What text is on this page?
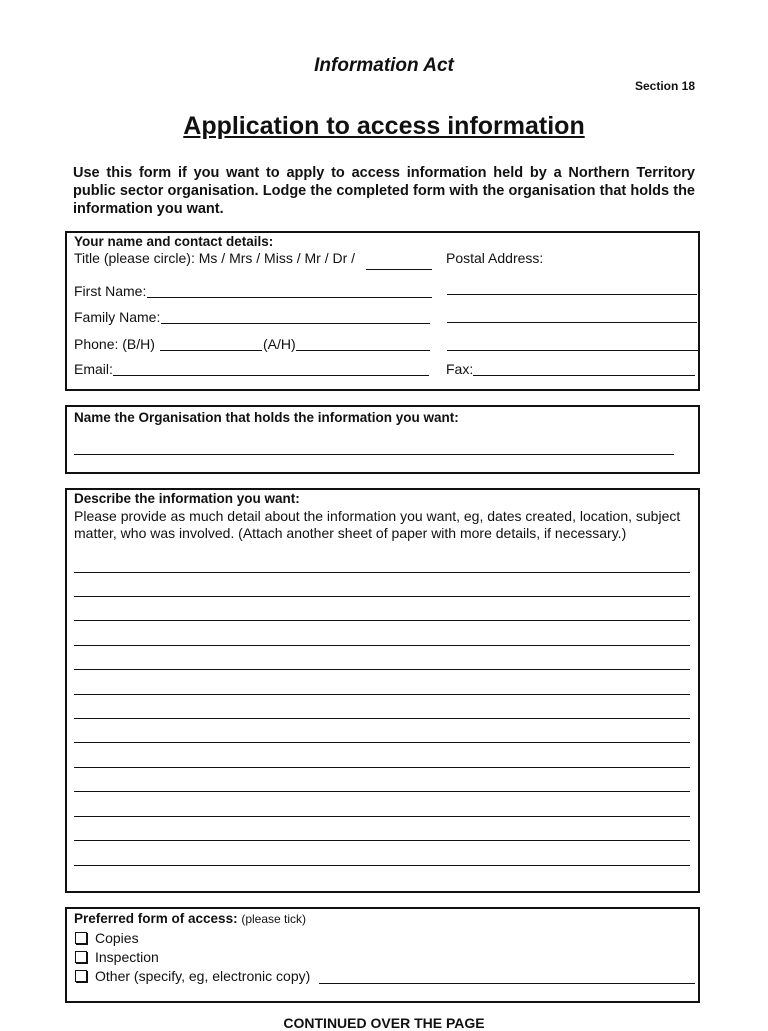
Information Act
Section 18
Application to access information
Use this form if you want to apply to access information held by a Northern Territory public sector organisation. Lodge the completed form with the organisation that holds the information you want.
Your name and contact details:
Title (please circle): Ms / Mrs / Miss / Mr / Dr /	Postal Address:
First Name:
Family Name:
Phone: (B/H)	(A/H)
Email:	Fax:
Name the Organisation that holds the information you want:
Describe the information you want:
Please provide as much detail about the information you want, eg, dates created, location, subject matter, who was involved. (Attach another sheet of paper with more details, if necessary.)
Preferred form of access: (please tick)
Copies
Inspection
Other (specify, eg, electronic copy)
CONTINUED OVER THE PAGE
